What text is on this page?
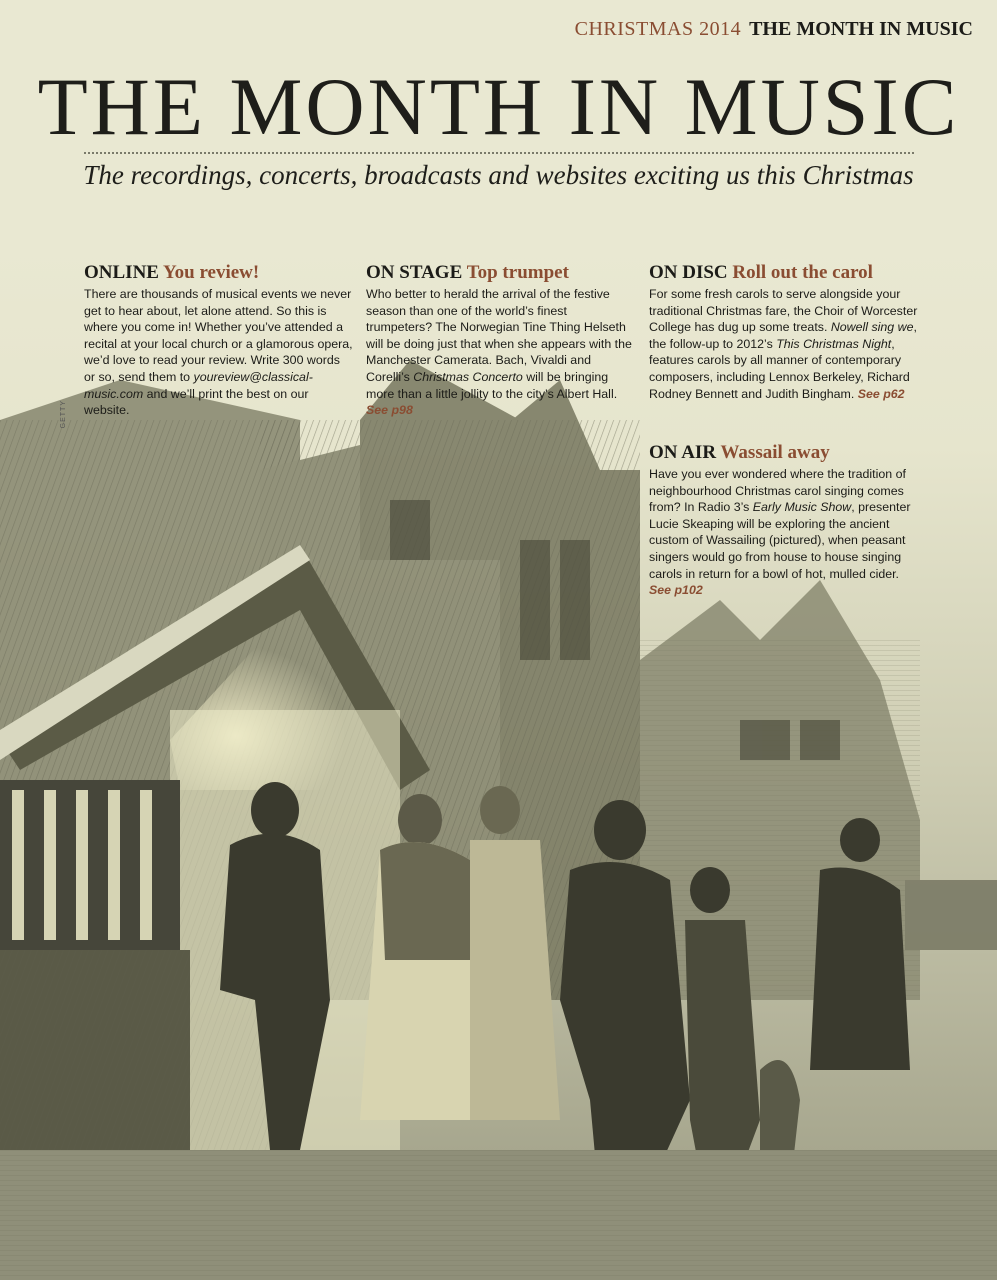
CHRISTMAS 2014 THE MONTH IN MUSIC
THE MONTH IN MUSIC
The recordings, concerts, broadcasts and websites exciting us this Christmas
GETTY
ONLINE You review!

There are thousands of musical events we never get to hear about, let alone attend. So this is where you come in! Whether you’ve attended a recital at your local church or a glamorous opera, we’d love to read your review. Write 300 words or so, send them to youreview@classical-music.com and we’ll print the best on our website.

ON STAGE Top trumpet

Who better to herald the arrival of the festive season than one of the world’s finest trumpeters? The Norwegian Tine Thing Helseth will be doing just that when she appears with the Manchester Camerata. Bach, Vivaldi and Corelli’s Christmas Concerto will be bringing more than a little jollity to the city’s Albert Hall. See p98

ON DISC Roll out the carol

For some fresh carols to serve alongside your traditional Christmas fare, the Choir of Worcester College has dug up some treats. Nowell sing we, the follow-up to 2012’s This Christmas Night, features carols by all manner of contemporary composers, including Lennox Berkeley, Richard Rodney Bennett and Judith Bingham. See p62

ON AIR Wassail away

Have you ever wondered where the tradition of neighbourhood Christmas carol singing comes from? In Radio 3’s Early Music Show, presenter Lucie Skeaping will be exploring the ancient custom of Wassailing (pictured), when peasant singers would go from house to house singing carols in return for a bowl of hot, mulled cider. See p102
